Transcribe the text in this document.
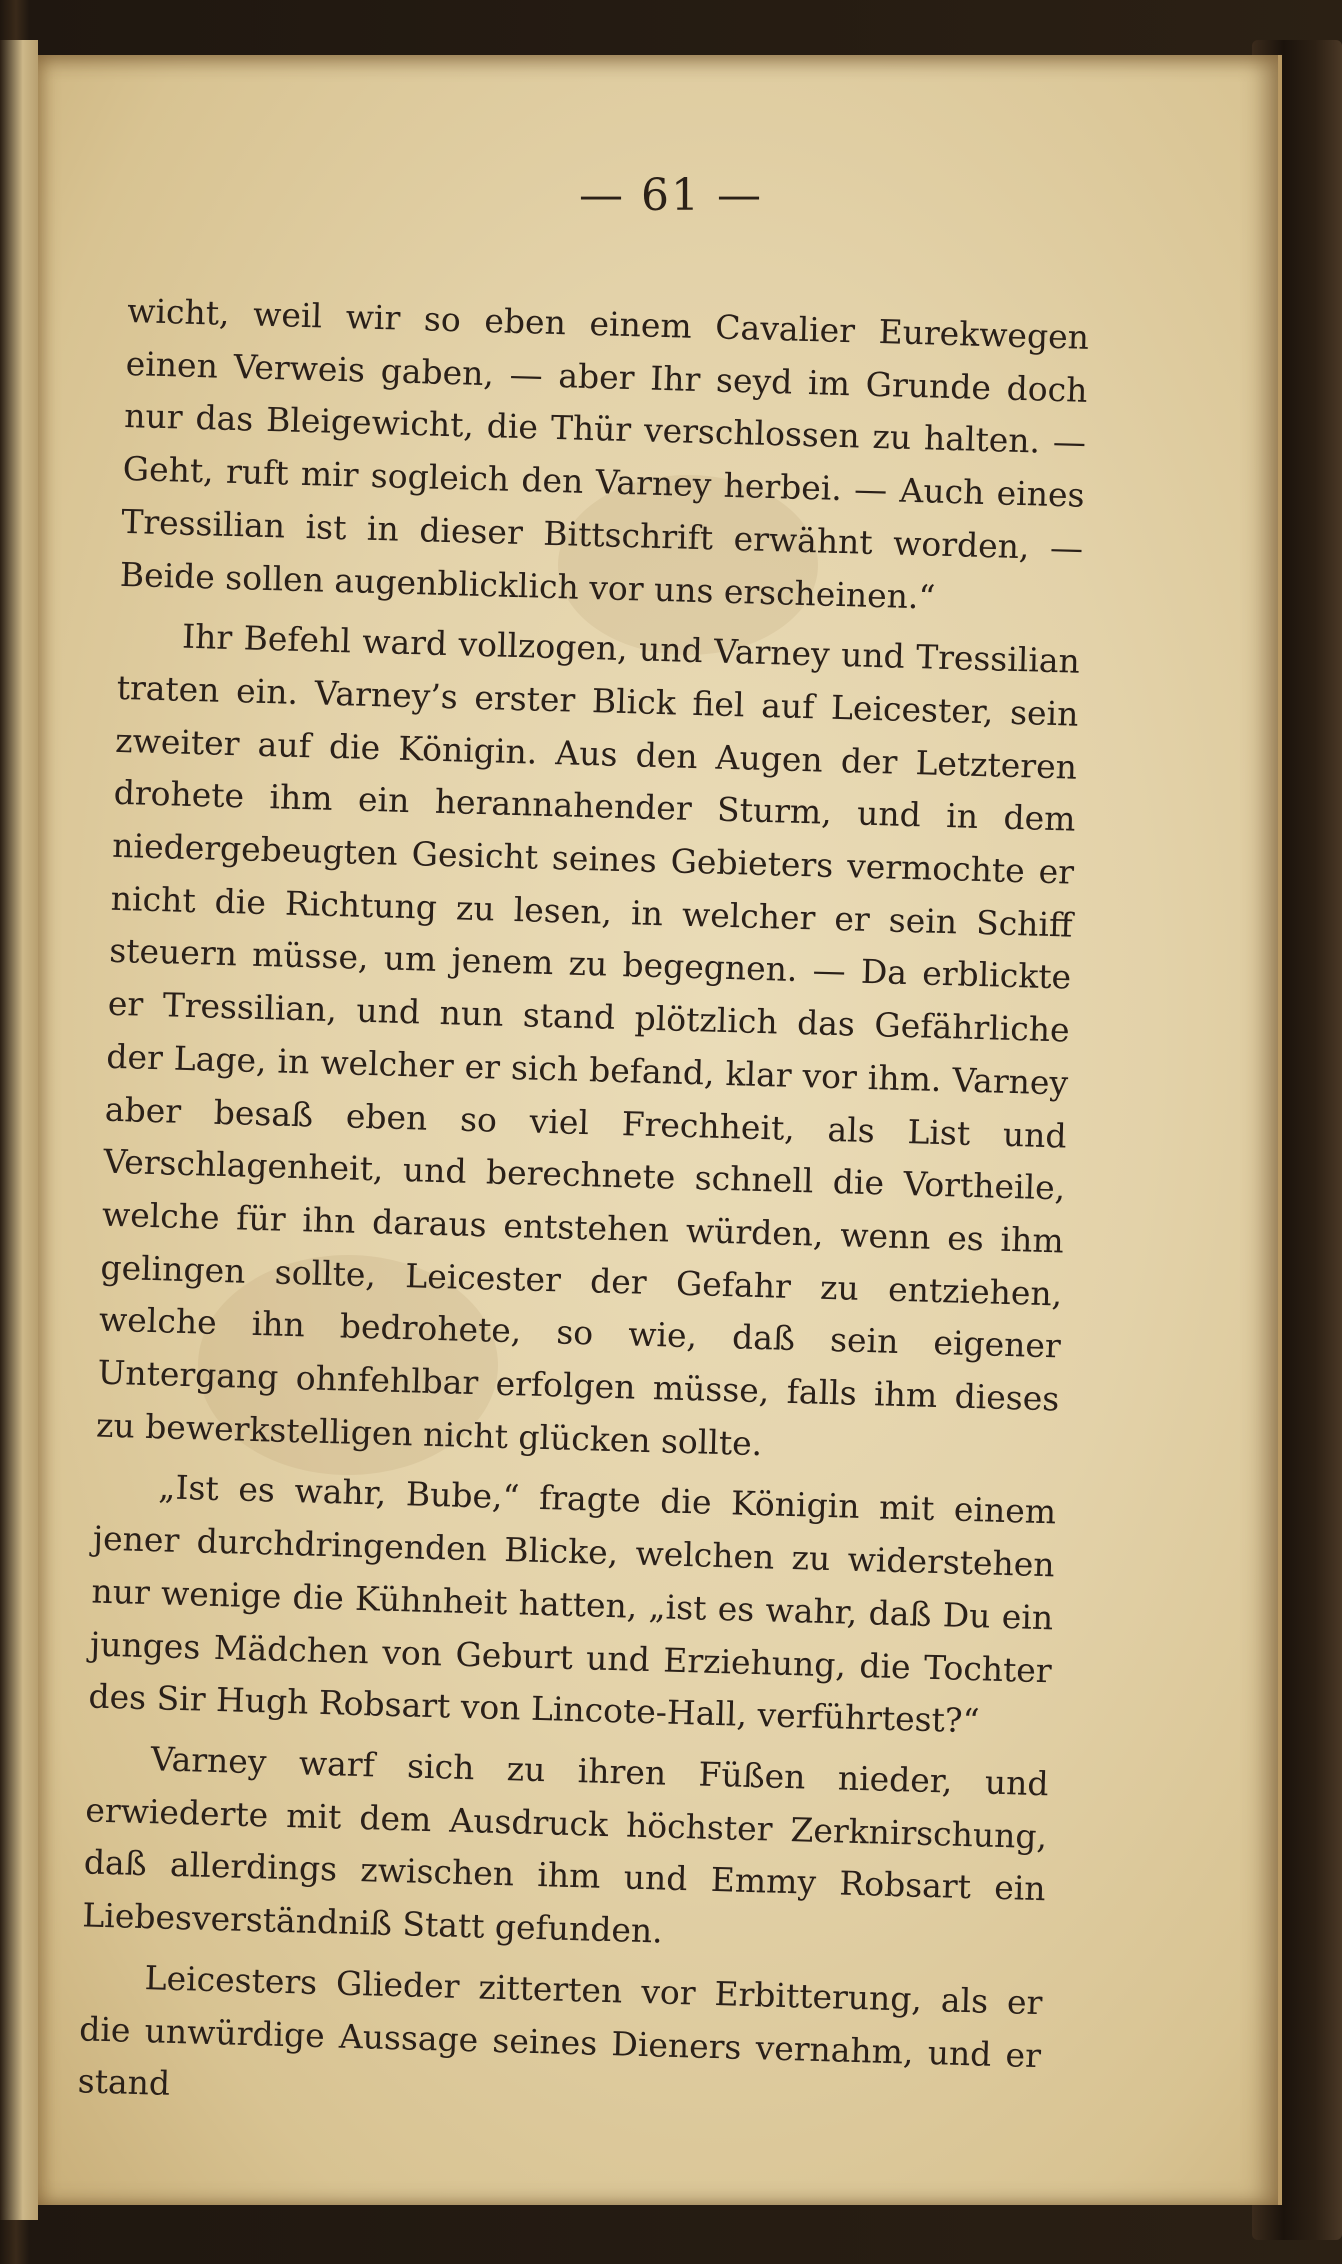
— 61 —

wicht, weil wir so eben einem Cavalier Eurekwegen einen Verweis gaben, — aber Ihr seyd im Grunde doch nur das Bleigewicht, die Thür verschlossen zu halten. — Geht, ruft mir sogleich den Varney herbei. — Auch eines Tressilian ist in dieser Bittschrift erwähnt worden, — Beide sollen augenblicklich vor uns erscheinen.“

Ihr Befehl ward vollzogen, und Varney und Tressilian traten ein. Varney’s erster Blick fiel auf Leicester, sein zweiter auf die Königin. Aus den Augen der Letzteren drohete ihm ein herannahender Sturm, und in dem niedergebeugten Gesicht seines Gebieters vermochte er nicht die Richtung zu lesen, in welcher er sein Schiff steuern müsse, um jenem zu begegnen. — Da erblickte er Tressilian, und nun stand plötzlich das Gefährliche der Lage, in welcher er sich befand, klar vor ihm. Varney aber besaß eben so viel Frechheit, als List und Verschlagenheit, und berechnete schnell die Vortheile, welche für ihn daraus entstehen würden, wenn es ihm gelingen sollte, Leicester der Gefahr zu entziehen, welche ihn bedrohete, so wie, daß sein eigener Untergang ohnfehlbar erfolgen müsse, falls ihm dieses zu bewerkstelligen nicht glücken sollte.

„Ist es wahr, Bube,“ fragte die Königin mit einem jener durchdringenden Blicke, welchen zu widerstehen nur wenige die Kühnheit hatten, „ist es wahr, daß Du ein junges Mädchen von Geburt und Erziehung, die Tochter des Sir Hugh Robsart von Lincote-Hall, verführtest?“

Varney warf sich zu ihren Füßen nieder, und erwiederte mit dem Ausdruck höchster Zerknirschung, daß allerdings zwischen ihm und Emmy Robsart ein Liebesverständniß Statt gefunden.

Leicesters Glieder zitterten vor Erbitterung, als er die unwürdige Aussage seines Dieners vernahm, und er stand
